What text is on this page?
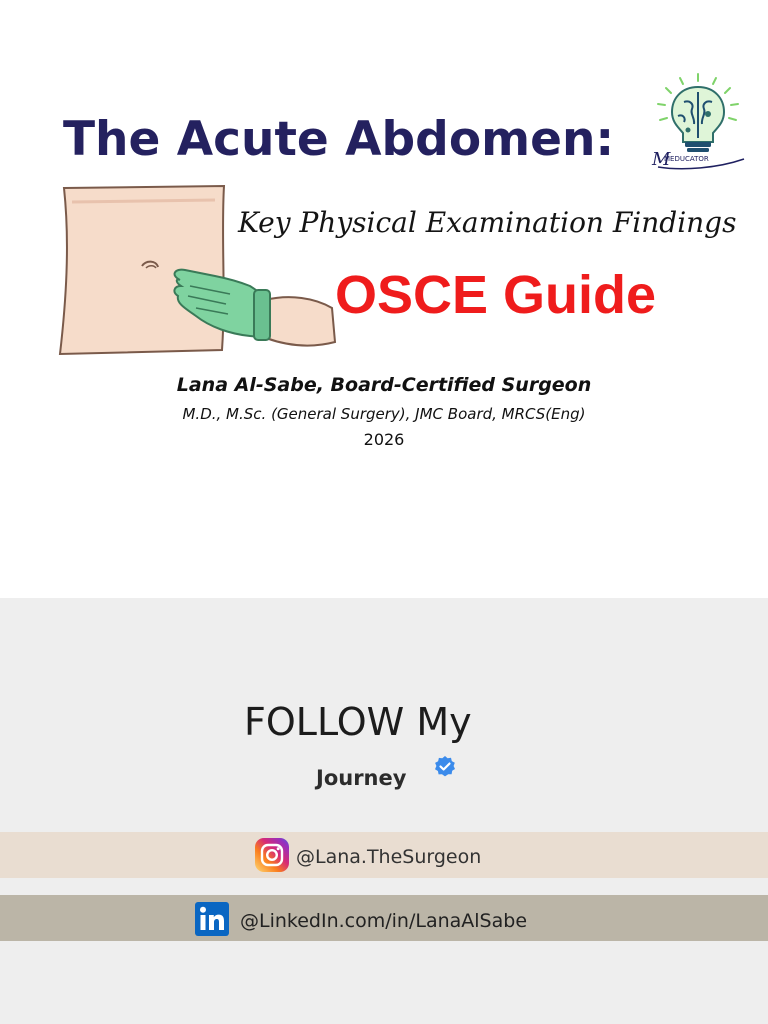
The Acute Abdomen: M
MEDUCATOR
Key Physical Examination Findings
OSCE Guide
Lana Al-Sabe, Board-Certified Surgeon
M.D., M.Sc. (General Surgery), JMC Board, MRCS(Eng)
2026
FOLLOW My
Journey
@Lana.TheSurgeon
@LinkedIn.com/in/LanaAlSabe
